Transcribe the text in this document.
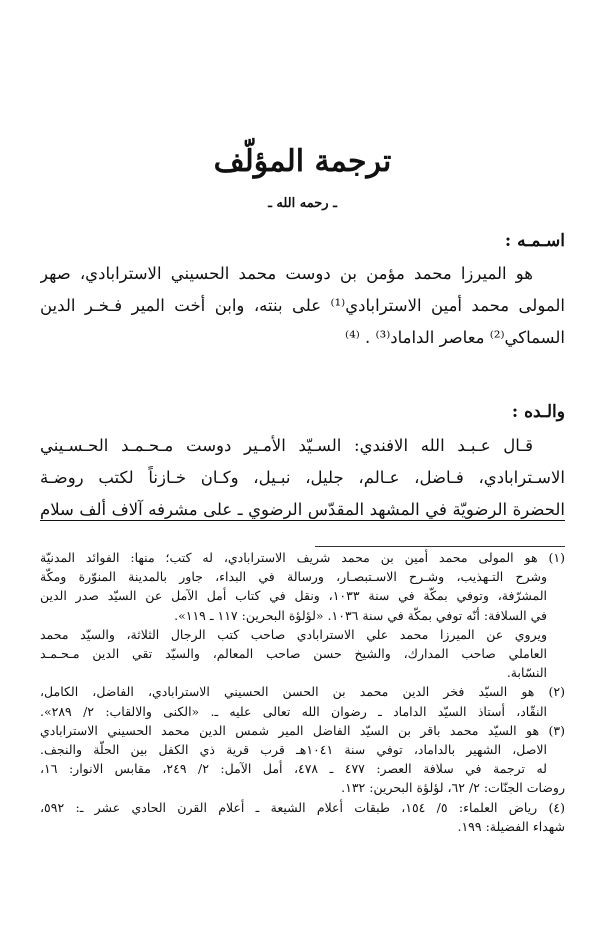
ترجمة المؤلّف
ـ رحمه الله ـ
اسـمـه :
هو الميرزا محمد مؤمن بن دوست محمد الحسيني الاسترابادي، صهر
المولى محمد أمين الاسترابادي⁽¹⁾ على بنته، وابن أخت المير فـخـر الدين
السماكي⁽²⁾ معاصر الداماد⁽³⁾ . ⁽⁴⁾
والـده :
قـال عـبـد الله الافندي: السـيّد الأمـير دوست مـحـمـد الحـسـيني
الاسـترابادي، فـاضل، عـالم، جليل، نبـيل، وكـان خـازناً لكتب روضـة
الحضرة الرضويّة في المشهد المقدّس الرضوي ـ على مشرفه آلاف ألف سلام
(١) هو المولى محمد أمين بن محمد شريف الاسترابادي، له كتب؛ منها: الفوائد المدنيّة
وشرح التـهذيب، وشـرح الاسـتبصـار، ورسالة في البداء، جاور بالمدينة المنوّرة ومكّة
المشرّفة، وتوفي بمكّة في سنة ١٠٣٣، ونقل في كتاب أمل الآمل عن السيّد صدر الدين
في السلافة: أنّه توفي بمكّة في سنة ١٠٣٦. «لؤلؤة البحرين: ١١٧ ـ ١١٩».
ويروي عن الميرزا محمد علي الاسترابادي صاحب كتب الرجال الثلاثة، والسيّد محمد
العاملي صاحب المدارك، والشيخ حسن صاحب المعالم، والسيّد تقي الدين مـحـمـد
النسّابة.
(٢) هو السيّد فخر الدين محمد بن الحسن الحسيني الاسترابادي، الفاضل، الكامل،
النقّاد، أستاذ السيّد الداماد ـ رضوان الله تعالى عليه ـ. «الكنى والالقاب: ٢/ ٢٨٩».
(٣) هو السيّد محمد باقر بن السيّد الفاضل المير شمس الدين محمد الحسيني الاسترابادي
الاصل، الشهير بالداماد، توفي سنة ١٠٤١هـ قرب قرية ذي الكفل بين الحلّة والنجف.
له ترجمة في سلافة العصر: ٤٧٧ ـ ٤٧٨، أمل الآمل: ٢/ ٢٤٩، مقابس الانوار: ١٦،
روضات الجنّات: ٢/ ٦٢، لؤلؤة البحرين: ١٣٢.
(٤) رياض العلماء: ٥/ ١٥٤، طبقات أعلام الشيعة ـ أعلام القرن الحادي عشر ـ: ٥٩٢،
شهداء الفضيلة: ١٩٩.
